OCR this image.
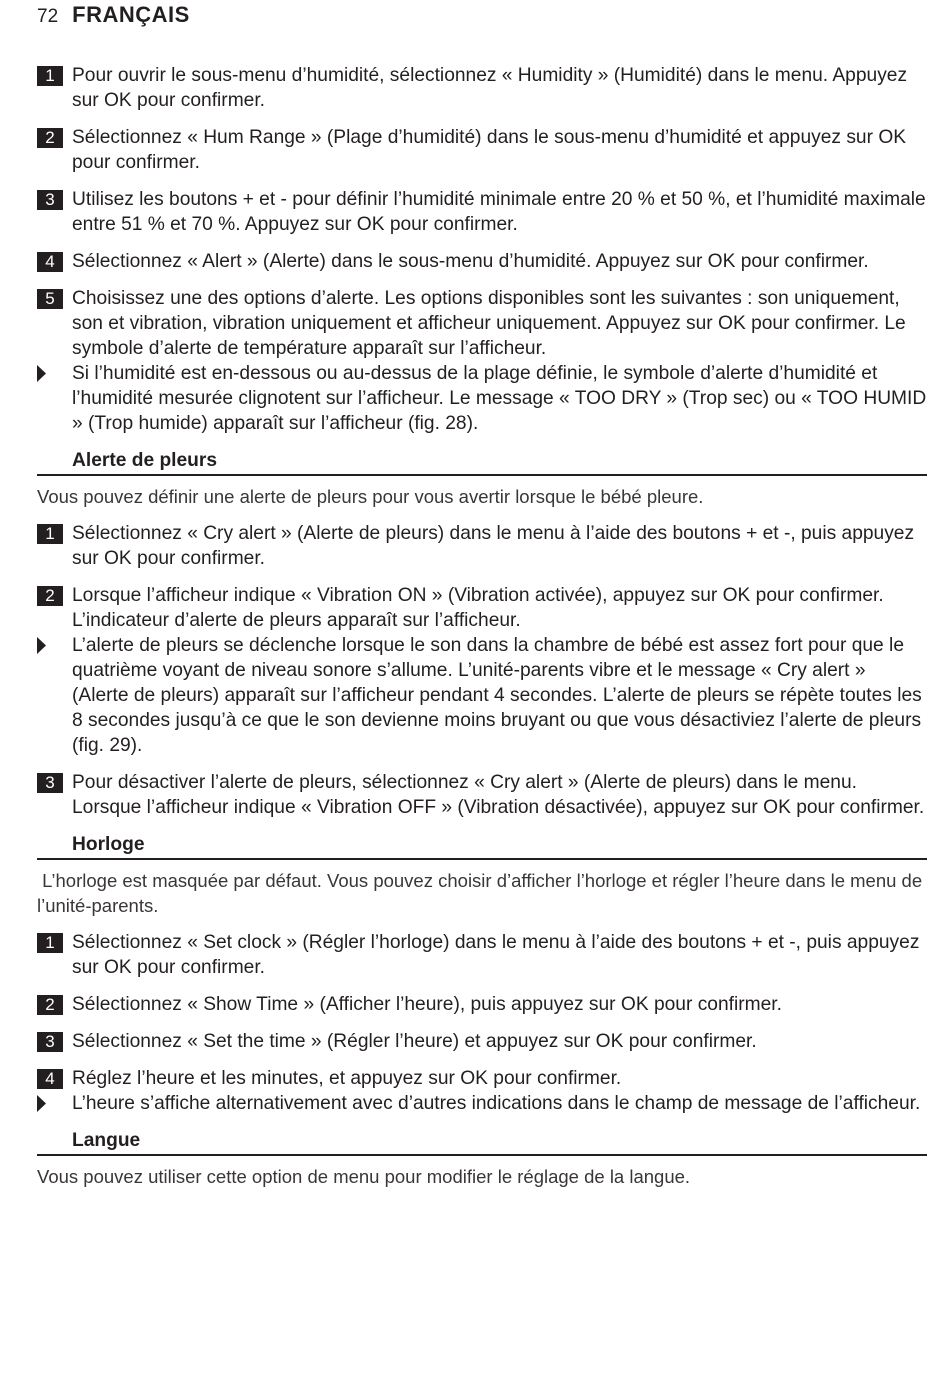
72 FRANÇAIS
1 Pour ouvrir le sous-menu d’humidité, sélectionnez « Humidity » (Humidité) dans le menu. Appuyez sur OK pour confirmer.

2 Sélectionnez « Hum Range » (Plage d’humidité) dans le sous-menu d’humidité et appuyez sur OK pour confirmer.

3 Utilisez les boutons + et - pour définir l’humidité minimale entre 20 % et 50 %, et l’humidité maximale entre 51 % et 70 %. Appuyez sur OK pour confirmer.

4 Sélectionnez « Alert » (Alerte) dans le sous-menu d’humidité. Appuyez sur OK pour confirmer.

5 Choisissez une des options d’alerte. Les options disponibles sont les suivantes : son uniquement, son et vibration, vibration uniquement et afficheur uniquement. Appuyez sur OK pour confirmer. Le symbole d’alerte de température apparaît sur l’afficheur.

Si l’humidité est en-dessous ou au-dessus de la plage définie, le symbole d’alerte d’humidité et l’humidité mesurée clignotent sur l’afficheur. Le message « TOO DRY » (Trop sec) ou « TOO HUMID » (Trop humide) apparaît sur l’afficheur (fig. 28).

Alerte de pleurs

Vous pouvez définir une alerte de pleurs pour vous avertir lorsque le bébé pleure.

1 Sélectionnez « Cry alert » (Alerte de pleurs) dans le menu à l’aide des boutons + et -, puis appuyez sur OK pour confirmer.

2 Lorsque l’afficheur indique « Vibration ON » (Vibration activée), appuyez sur OK pour confirmer. L’indicateur d’alerte de pleurs apparaît sur l’afficheur.

L’alerte de pleurs se déclenche lorsque le son dans la chambre de bébé est assez fort pour que le quatrième voyant de niveau sonore s’allume. L’unité-parents vibre et le message « Cry alert » (Alerte de pleurs) apparaît sur l’afficheur pendant 4 secondes. L’alerte de pleurs se répète toutes les 8 secondes jusqu’à ce que le son devienne moins bruyant ou que vous désactiviez l’alerte de pleurs (fig. 29).

3 Pour désactiver l’alerte de pleurs, sélectionnez « Cry alert » (Alerte de pleurs) dans le menu. Lorsque l’afficheur indique « Vibration OFF » (Vibration désactivée), appuyez sur OK pour confirmer.

Horloge

L’horloge est masquée par défaut. Vous pouvez choisir d’afficher l’horloge et régler l’heure dans le menu de l’unité-parents.

1 Sélectionnez « Set clock » (Régler l’horloge) dans le menu à l’aide des boutons + et -, puis appuyez sur OK pour confirmer.

2 Sélectionnez « Show Time » (Afficher l’heure), puis appuyez sur OK pour confirmer.

3 Sélectionnez « Set the time » (Régler l’heure) et appuyez sur OK pour confirmer.

4 Réglez l’heure et les minutes, et appuyez sur OK pour confirmer.

L’heure s’affiche alternativement avec d’autres indications dans le champ de message de l’afficheur.

Langue

Vous pouvez utiliser cette option de menu pour modifier le réglage de la langue.
